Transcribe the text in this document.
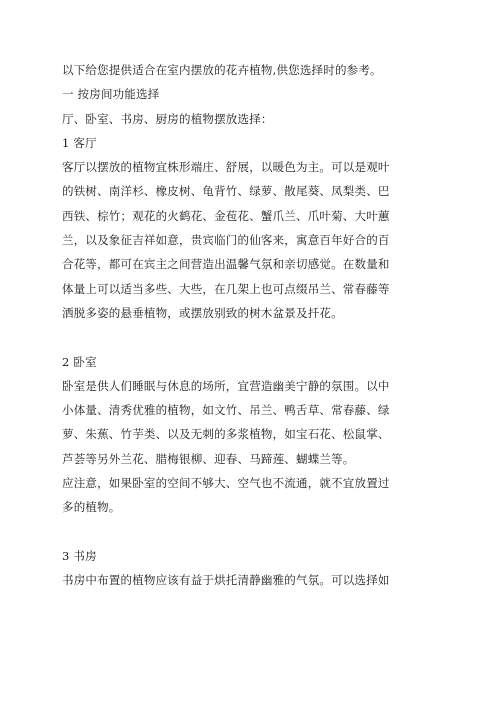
以下给您提供适合在室内摆放的花卉植物,供您选择时的参考。
一 按房间功能选择
厅、卧室、书房、厨房的植物摆放选择：
1 客厅
客厅以摆放的植物宜株形端庄、舒展，以暖色为主。可以是观叶
的铁树、南洋杉、橡皮树、龟背竹、绿萝、散尾葵、凤梨类、巴
西铁、棕竹；观花的火鹤花、金苞花、蟹爪兰、爪叶菊、大叶蕙
兰，以及象征吉祥如意，贵宾临门的仙客来，寓意百年好合的百
合花等，都可在宾主之间营造出温馨气氛和亲切感觉。在数量和
体量上可以适当多些、大些，在几架上也可点缀吊兰、常春藤等
洒脱多姿的悬垂植物，或摆放别致的树木盆景及扦花。
2 卧室
卧室是供人们睡眠与休息的场所，宜营造幽美宁静的氛围。以中
小体量、清秀优雅的植物，如文竹、吊兰、鸭舌草、常春藤、绿
萝、朱蕉、竹芋类、以及无刺的多浆植物，如宝石花、松鼠掌、
芦荟等另外兰花、腊梅银柳、迎春、马蹄莲、蝴蝶兰等。
应注意，如果卧室的空间不够大、空气也不流通，就不宜放置过
多的植物。
3 书房
书房中布置的植物应该有益于烘托清静幽雅的气氛。可以选择如
